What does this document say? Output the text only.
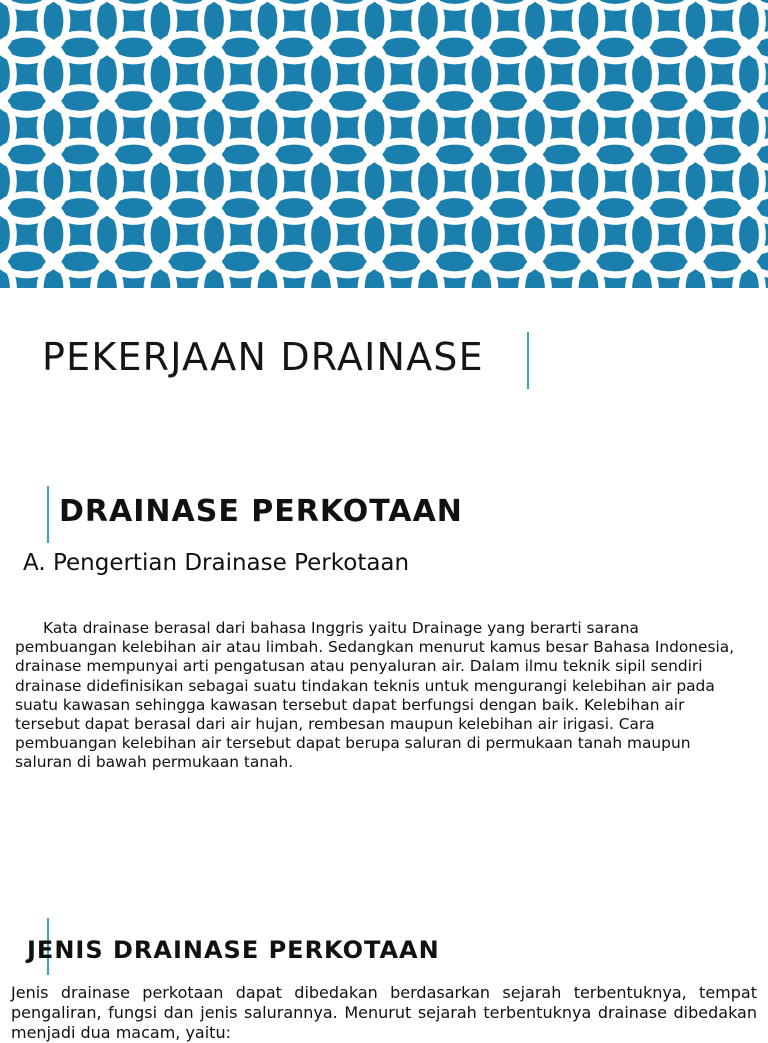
PEKERJAAN DRAINASE
DRAINASE PERKOTAAN

A. Pengertian Drainase Perkotaan

Kata drainase berasal dari bahasa Inggris yaitu Drainage yang berarti sarana pembuangan kelebihan air atau limbah. Sedangkan menurut kamus besar Bahasa Indonesia, drainase mempunyai arti pengatusan atau penyaluran air. Dalam ilmu teknik sipil sendiri drainase didefinisikan sebagai suatu tindakan teknis untuk mengurangi kelebihan air pada suatu kawasan sehingga kawasan tersebut dapat berfungsi dengan baik. Kelebihan air tersebut dapat berasal dari air hujan, rembesan maupun kelebihan air irigasi. Cara pembuangan kelebihan air tersebut dapat berupa saluran di permukaan tanah maupun saluran di bawah permukaan tanah.

JENIS DRAINASE PERKOTAAN

Jenis drainase perkotaan dapat dibedakan berdasarkan sejarah terbentuknya, tempat pengaliran, fungsi dan jenis salurannya. Menurut sejarah terbentuknya drainase dibedakan menjadi dua macam, yaitu:
